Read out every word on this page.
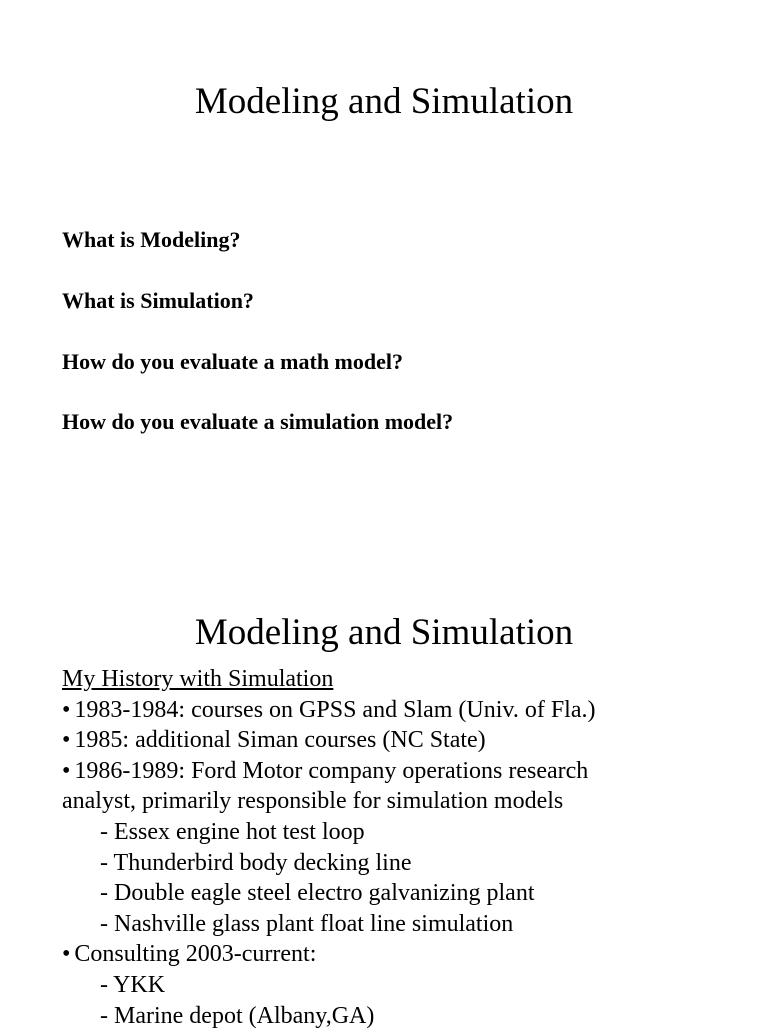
Modeling and Simulation
What is Modeling?
What is Simulation?
How do you evaluate a math model?
How do you evaluate a simulation model?
Modeling and Simulation
My History with Simulation
• 1983-1984: courses on GPSS and Slam (Univ. of Fla.)
• 1985: additional Siman courses (NC State)
• 1986-1989: Ford Motor company operations research
analyst, primarily responsible for simulation models
- Essex engine hot test loop
- Thunderbird body decking line
- Double eagle steel electro galvanizing plant
- Nashville glass plant float line simulation
• Consulting 2003-current:
- YKK
- Marine depot (Albany,GA)
